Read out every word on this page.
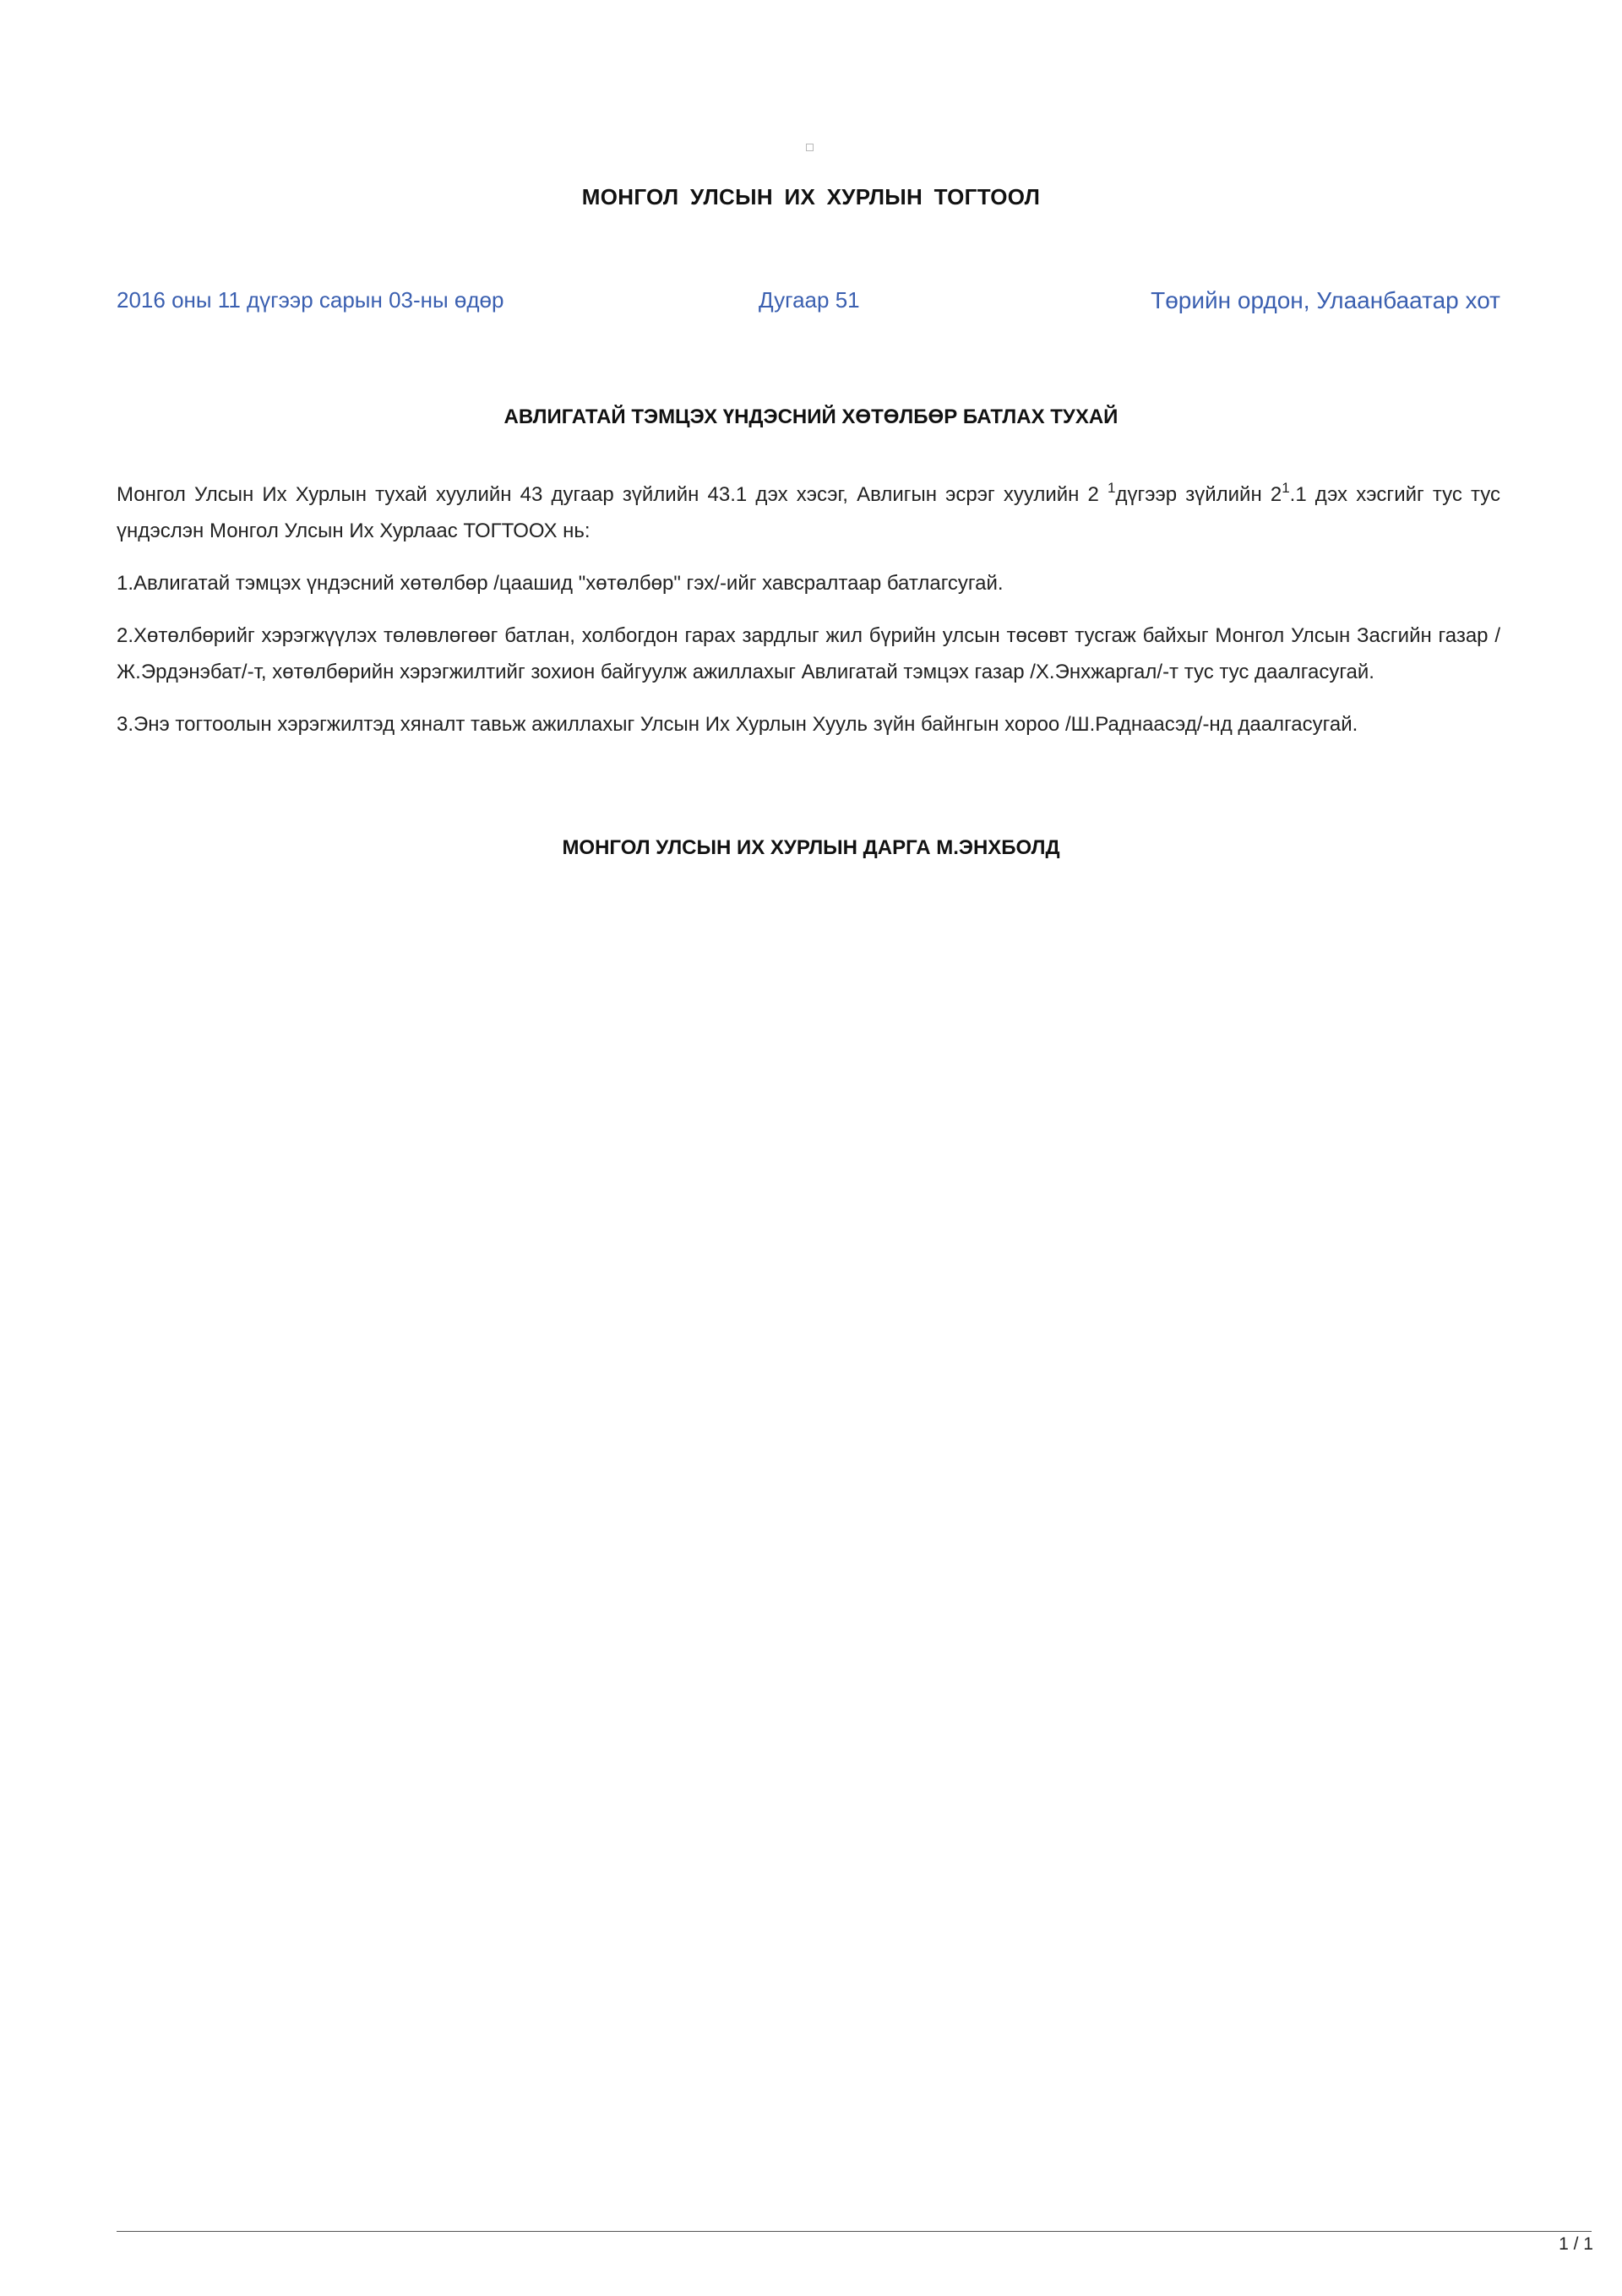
МОНГОЛ УЛСЫН ИХ ХУРЛЫН ТОГТООЛ
2016 оны 11 дүгээр сарын 03-ны өдөр	Дугаар 51	Төрийн ордон, Улаанбаатар хот
АВЛИГАТАЙ ТЭМЦЭХ ҮНДЭСНИЙ ХӨТӨЛБӨР БАТЛАХ ТУХАЙ

Монгол Улсын Их Хурлын тухай хуулийн 43 дугаар зүйлийн 43.1 дэх хэсэг, Авлигын эсрэг хуулийн 2 $^1$дүгээр зүйлийн $2^1.1$ дэх хэсгийг тус тус үндэслэн Монгол Улсын Их Хурлаас ТОГТООХ нь:

1.Авлигатай тэмцэх үндэсний хөтөлбөр /цаашид "хөтөлбөр" гэх/-ийг хавсралтаар батлагсугай.

2.Хөтөлбөрийг хэрэгжүүлэх төлөвлөгөөг батлан, холбогдон гарах зардлыг жил бүрийн улсын төсөвт тусгаж байхыг Монгол Улсын Засгийн газар /Ж.Эрдэнэбат/-т, хөтөлбөрийн хэрэгжилтийг зохион байгуулж ажиллахыг Авлигатай тэмцэх газар /Х.Энхжаргал/-т тус тус даалгасугай.

3.Энэ тогтоолын хэрэгжилтэд хяналт тавьж ажиллахыг Улсын Их Хурлын Хууль зүйн байнгын хороо /Ш.Раднаасэд/-нд даалгасугай.

МОНГОЛ УЛСЫН ИХ ХУРЛЫН ДАРГА М.ЭНХБОЛД
1 / 1
